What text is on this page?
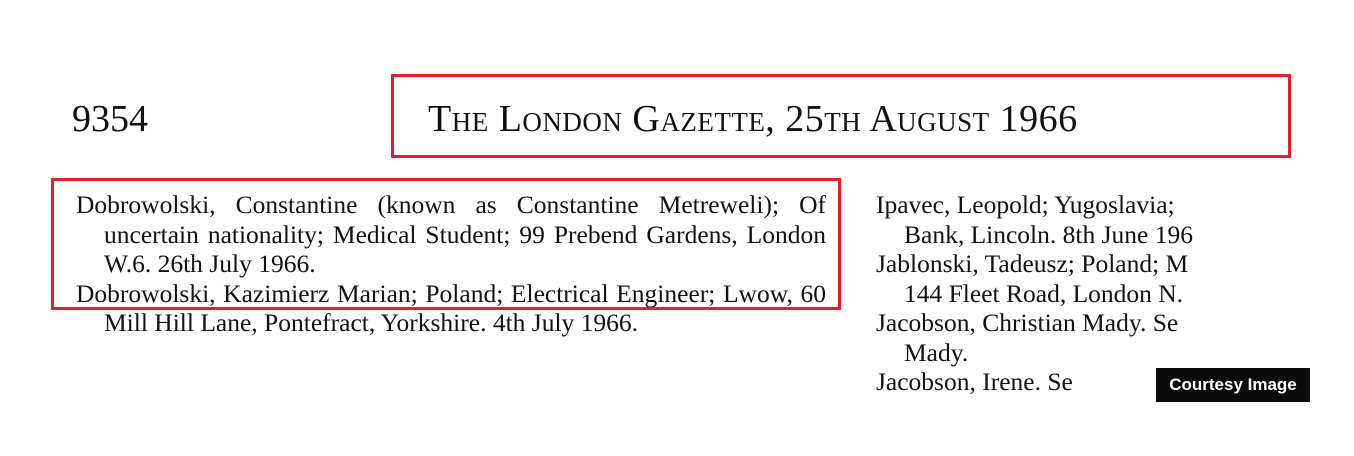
9354	The London Gazette, 25th August 1966
Dobrowolski, Constantine (known as Constantine Metreweli); Of uncertain nationality; Medical Student; 99 Prebend Gardens, London W.6. 26th July 1966.
Dobrowolski, Kazimierz Marian; Poland; Electrical Engineer; Lwow, 60 Mill Hill Lane, Pontefract, Yorkshire. 4th July 1966.
Ipavec, Leopold; Yugoslavia;
Bank, Lincoln. 8th June 196
Jablonski, Tadeusz; Poland; M
144 Fleet Road, London N.
Jacobson, Christian Mady. Se
Mady.
Jacobson, Irene. Se	Courtesy Image
